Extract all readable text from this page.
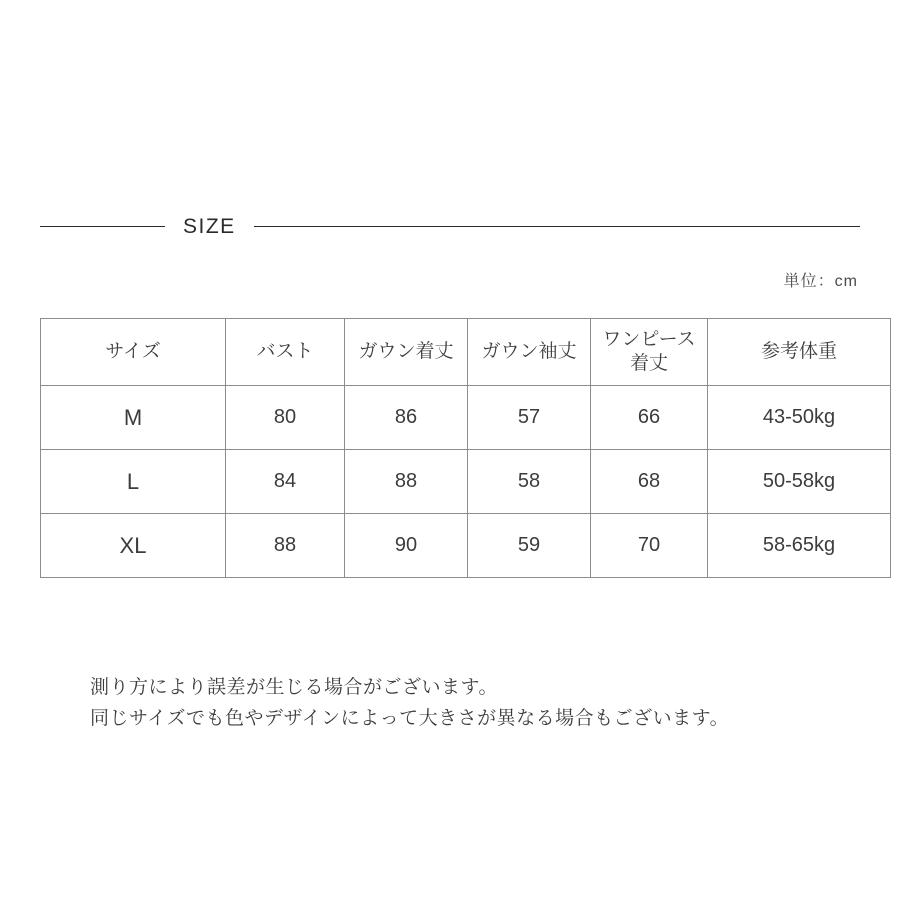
SIZE
単位：cm
サイズ	バスト	ガウン着丈	ガウン袖丈	ワンピース着丈	参考体重
M	80	86	57	66	43-50kg
L	84	88	58	68	50-58kg
XL	88	90	59	70	58-65kg
測り方により誤差が生じる場合がございます。
同じサイズでも色やデザインによって大きさが異なる場合もございます。
